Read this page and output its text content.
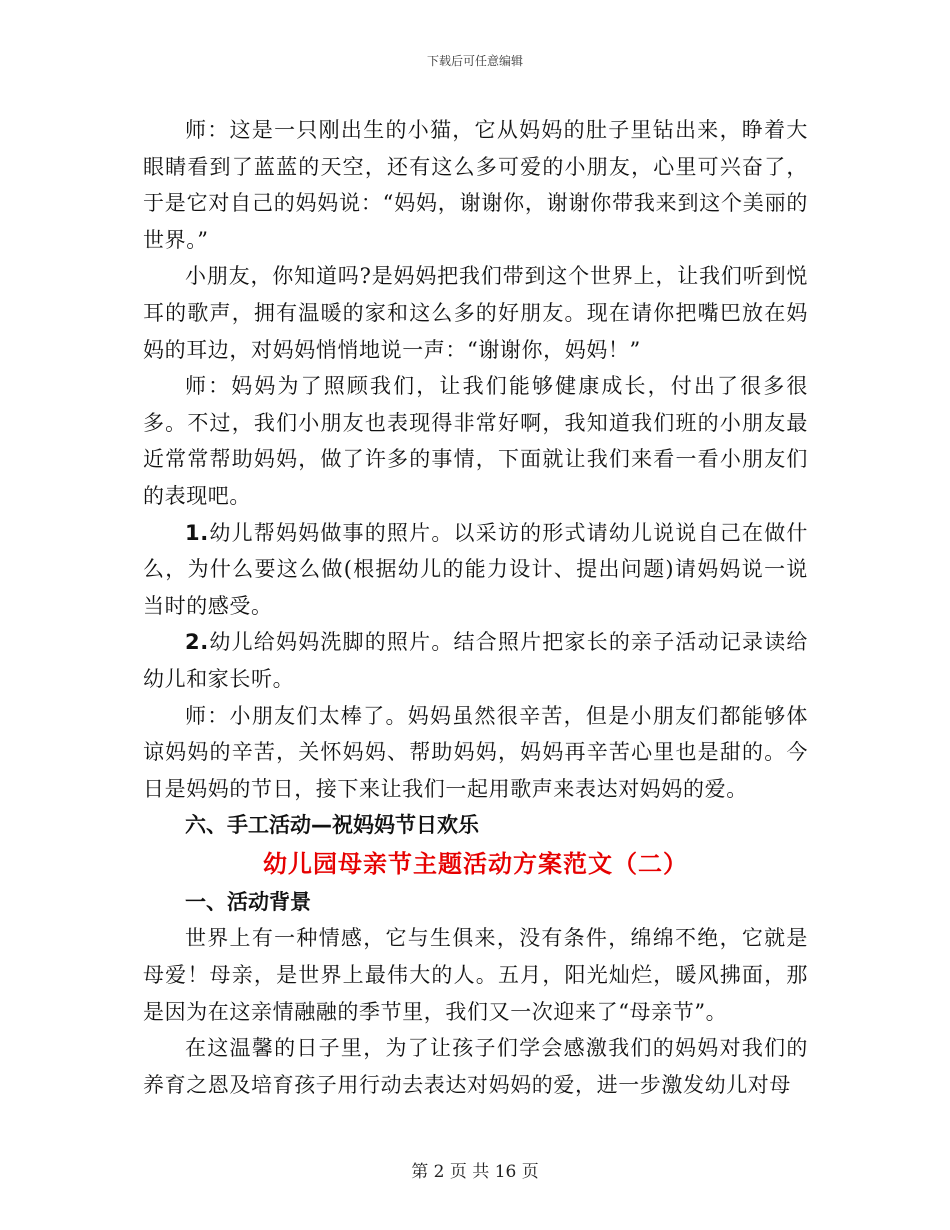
下载后可任意编辑

师：这是一只刚出生的小猫，它从妈妈的肚子里钻出来，睁着大眼睛看到了蓝蓝的天空，还有这么多可爱的小朋友，心里可兴奋了，于是它对自己的妈妈说：“妈妈，谢谢你，谢谢你带我来到这个美丽的世界。”

小朋友，你知道吗?是妈妈把我们带到这个世界上，让我们听到悦耳的歌声，拥有温暖的家和这么多的好朋友。现在请你把嘴巴放在妈妈的耳边，对妈妈悄悄地说一声：“谢谢你，妈妈！”

师：妈妈为了照顾我们，让我们能够健康成长，付出了很多很多。不过，我们小朋友也表现得非常好啊，我知道我们班的小朋友最近常常帮助妈妈，做了许多的事情，下面就让我们来看一看小朋友们的表现吧。

1.幼儿帮妈妈做事的照片。以采访的形式请幼儿说说自己在做什么，为什么要这么做(根据幼儿的能力设计、提出问题)请妈妈说一说当时的感受。

2.幼儿给妈妈洗脚的照片。结合照片把家长的亲子活动记录读给幼儿和家长听。

师：小朋友们太棒了。妈妈虽然很辛苦，但是小朋友们都能够体谅妈妈的辛苦，关怀妈妈、帮助妈妈，妈妈再辛苦心里也是甜的。今日是妈妈的节日，接下来让我们一起用歌声来表达对妈妈的爱。

六、手工活动—祝妈妈节日欢乐

幼儿园母亲节主题活动方案范文（二）

一、活动背景

世界上有一种情感，它与生俱来，没有条件，绵绵不绝，它就是母爱！母亲，是世界上最伟大的人。五月，阳光灿烂，暖风拂面，那是因为在这亲情融融的季节里，我们又一次迎来了“母亲节”。

在这温馨的日子里，为了让孩子们学会感激我们的妈妈对我们的养育之恩及培育孩子用行动去表达对妈妈的爱，进一步激发幼儿对母

第 2 页 共 16 页
